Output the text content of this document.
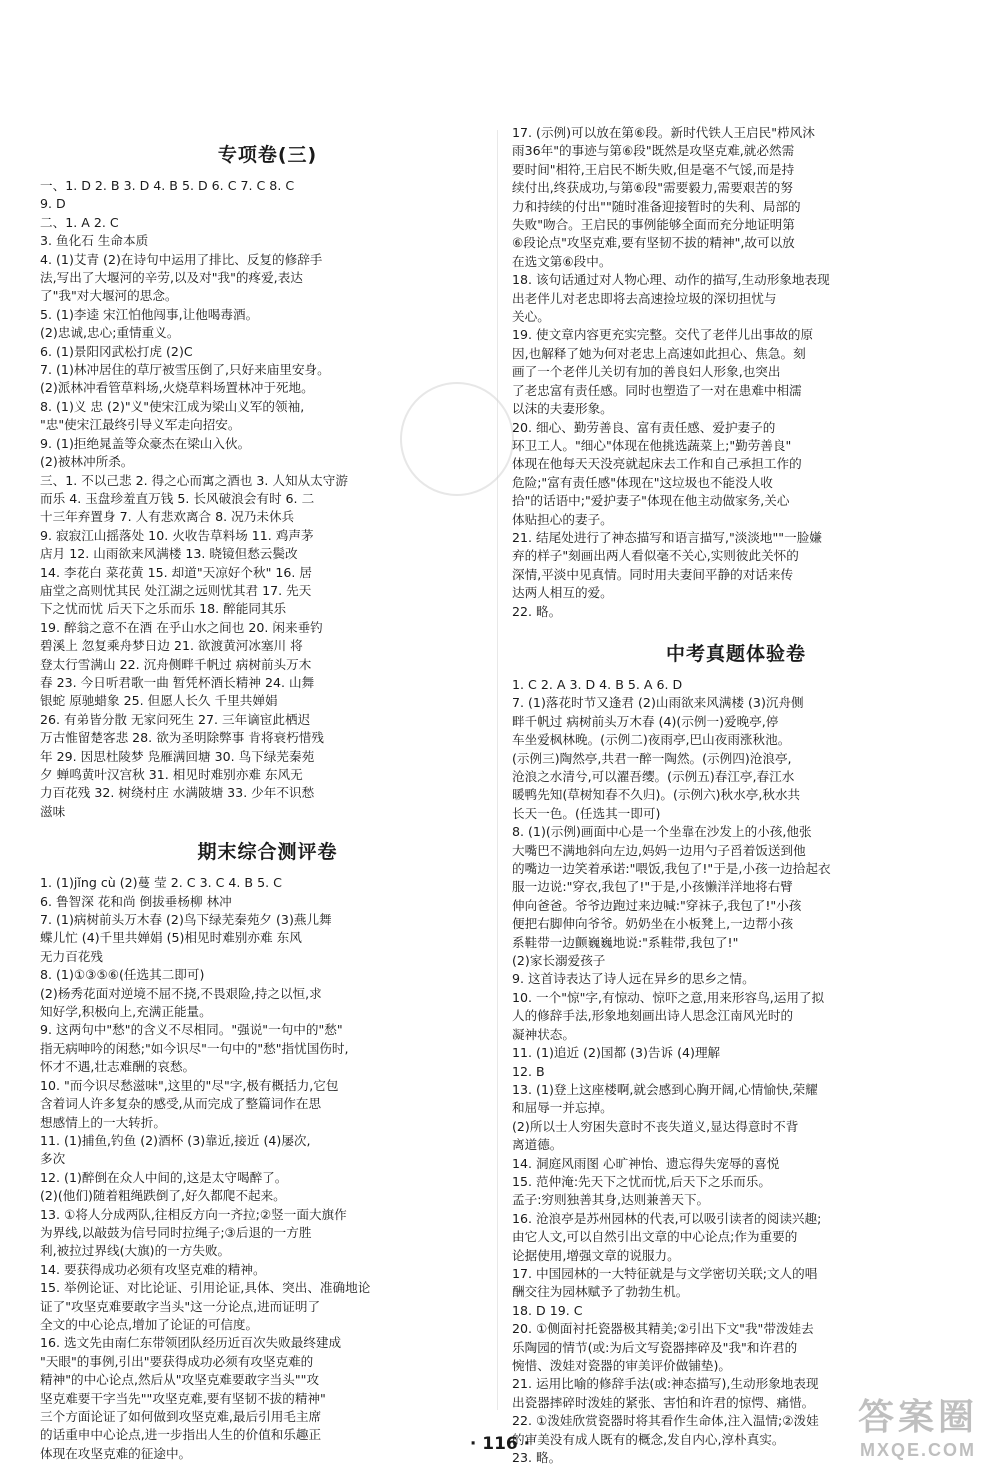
专项卷(三)
一、1. D 2. B 3. D 4. B 5. D 6. C 7. C 8. C
9. D
二、1. A 2. C
3. 鱼化石 生命本质
4. (1)艾青 (2)在诗句中运用了排比、反复的修辞手
法,写出了大堰河的辛劳,以及对"我"的疼爱,表达
了"我"对大堰河的思念。
5. (1)李逵 宋江怕他闯事,让他喝毒酒。
(2)忠诚,忠心;重情重义。
6. (1)景阳冈武松打虎 (2)C
7. (1)林冲居住的草厅被雪压倒了,只好来庙里安身。
(2)派林冲看管草料场,火烧草料场置林冲于死地。
8. (1)义 忠 (2)"义"使宋江成为梁山义军的领袖,
"忠"使宋江最终引导义军走向招安。
9. (1)拒绝晁盖等众豪杰在梁山入伙。
(2)被林冲所杀。
三、1. 不以己悲 2. 得之心而寓之酒也 3. 人知从太守游
而乐 4. 玉盘珍羞直万钱 5. 长风破浪会有时 6. 二
十三年弃置身 7. 人有悲欢离合 8. 况乃未休兵
9. 寂寂江山摇落处 10. 火收告草料场 11. 鸡声茅
店月 12. 山雨欲来风满楼 13. 晓镜但愁云鬓改
14. 李花白 菜花黄 15. 却道"天凉好个秋" 16. 居
庙堂之高则忧其民 处江湖之远则忧其君 17. 先天
下之忧而忧 后天下之乐而乐 18. 醉能同其乐
19. 醉翁之意不在酒 在乎山水之间也 20. 闲来垂钓
碧溪上 忽复乘舟梦日边 21. 欲渡黄河冰塞川 将
登太行雪满山 22. 沉舟侧畔千帆过 病树前头万木
春 23. 今日听君歌一曲 暂凭杯酒长精神 24. 山舞
银蛇 原驰蜡象 25. 但愿人长久 千里共婵娟
26. 有弟皆分散 无家问死生 27. 三年谪宦此栖迟
万古惟留楚客悲 28. 欲为圣明除弊事 肯将衰朽惜残
年 29. 因思杜陵梦 凫雁满回塘 30. 鸟下绿芜秦苑
夕 蝉鸣黄叶汉宫秋 31. 相见时难别亦难 东风无
力百花残 32. 树绕村庄 水满陂塘 33. 少年不识愁
滋味
期末综合测评卷
1. (1)jǐng cù (2)蔓 莹 2. C 3. C 4. B 5. C
6. 鲁智深 花和尚 倒拔垂杨柳 林冲
7. (1)病树前头万木春 (2)鸟下绿芜秦苑夕 (3)燕儿舞
蝶儿忙 (4)千里共婵娟 (5)相见时难别亦难 东风
无力百花残
8. (1)①③⑤⑥(任选其二即可)
(2)杨秀花面对逆境不屈不挠,不畏艰险,持之以恒,求
知好学,积极向上,充满正能量。
9. 这两句中"愁"的含义不尽相同。"强说"一句中的"愁"
指无病呻吟的闲愁;"如今识尽"一句中的"愁"指忧国伤时,
怀才不遇,壮志难酬的哀愁。
10. "而今识尽愁滋味",这里的"尽"字,极有概括力,它包
含着词人许多复杂的感受,从而完成了整篇词作在思
想感情上的一大转折。
11. (1)捕鱼,钓鱼 (2)酒杯 (3)靠近,接近 (4)屡次,
多次
12. (1)醉倒在众人中间的,这是太守喝醉了。
(2)(他们)随着粗绳跌倒了,好久都爬不起来。
13. ①将人分成两队,往相反方向一齐拉;②竖一面大旗作
为界线,以敲鼓为信号同时拉绳子;③后退的一方胜
利,被拉过界线(大旗)的一方失败。
14. 要获得成功必须有攻坚克难的精神。
15. 举例论证、对比论证、引用论证,具体、突出、准确地论
证了"攻坚克难要敢字当头"这一分论点,进而证明了
全文的中心论点,增加了论证的可信度。
16. 选文先由南仁东带领团队经历近百次失败最终建成
"天眼"的事例,引出"要获得成功必须有攻坚克难的
精神"的中心论点,然后从"攻坚克难要敢字当头""攻
坚克难要干字当先""攻坚克难,要有坚韧不拔的精神"
三个方面论证了如何做到攻坚克难,最后引用毛主席
的话重申中心论点,进一步指出人生的价值和乐趣正
体现在攻坚克难的征途中。
17. (示例)可以放在第⑥段。新时代铁人王启民"栉风沐
雨36年"的事迹与第⑥段"既然是攻坚克难,就必然需
要时间"相符,王启民不断失败,但是毫不气馁,而是持
续付出,终获成功,与第⑥段"需要毅力,需要艰苦的努
力和持续的付出""随时准备迎接暂时的失利、局部的
失败"吻合。王启民的事例能够全面而充分地证明第
⑥段论点"攻坚克难,要有坚韧不拔的精神",故可以放
在选文第⑥段中。
18. 该句话通过对人物心理、动作的描写,生动形象地表现
出老伴儿对老忠即将去高速捡垃圾的深切担忧与
关心。
19. 使文章内容更充实完整。交代了老伴儿出事故的原
因,也解释了她为何对老忠上高速如此担心、焦急。刻
画了一个老伴儿关切有加的善良妇人形象,也突出
了老忠富有责任感。同时也塑造了一对在患难中相濡
以沫的夫妻形象。
20. 细心、勤劳善良、富有责任感、爱护妻子的
环卫工人。"细心"体现在他挑选蔬菜上;"勤劳善良"
体现在他每天天没亮就起床去工作和自己承担工作的
危险;"富有责任感"体现在"这垃圾也不能没人收
拾"的话语中;"爱护妻子"体现在他主动做家务,关心
体贴担心的妻子。
21. 结尾处进行了神态描写和语言描写,"淡淡地""一脸嫌
弃的样子"刻画出两人看似毫不关心,实则彼此关怀的
深情,平淡中见真情。同时用夫妻间平静的对话来传
达两人相互的爱。
22. 略。
中考真题体验卷
1. C 2. A 3. D 4. B 5. A 6. D
7. (1)落花时节又逢君 (2)山雨欲来风满楼 (3)沉舟侧
畔千帆过 病树前头万木春 (4)(示例一)爱晚亭,停
车坐爱枫林晚。(示例二)夜雨亭,巴山夜雨涨秋池。
(示例三)陶然亭,共君一醉一陶然。(示例四)沧浪亭,
沧浪之水清兮,可以濯吾缨。(示例五)春江亭,春江水
暖鸭先知(草树知春不久归)。(示例六)秋水亭,秋水共
长天一色。(任选其一即可)
8. (1)(示例)画面中心是一个坐靠在沙发上的小孩,他张
大嘴巴不满地斜向左边,妈妈一边用勺子舀着饭送到他
的嘴边一边笑着承诺:"喂饭,我包了!"于是,小孩一边拾起衣
服一边说:"穿衣,我包了!"于是,小孩懒洋洋地将右臂
伸向爸爸。爷爷边跑过来边喊:"穿袜子,我包了!"小孩
便把右脚伸向爷爷。奶奶坐在小板凳上,一边帮小孩
系鞋带一边颤巍巍地说:"系鞋带,我包了!"
(2)家长溺爱孩子
9. 这首诗表达了诗人远在异乡的思乡之情。
10. 一个"惊"字,有惊动、惊吓之意,用来形容鸟,运用了拟
人的修辞手法,形象地刻画出诗人思念江南风光时的
凝神状态。
11. (1)追近 (2)国都 (3)告诉 (4)理解
12. B
13. (1)登上这座楼啊,就会感到心胸开阔,心情愉快,荣耀
和屈辱一并忘掉。
(2)所以士人穷困失意时不丧失道义,显达得意时不背
离道德。
14. 洞庭风雨图 心旷神怡、遗忘得失宠辱的喜悦
15. 范仲淹:先天下之忧而忧,后天下之乐而乐。
孟子:穷则独善其身,达则兼善天下。
16. 沧浪亭是苏州园林的代表,可以吸引读者的阅读兴趣;
由它人文,可以自然引出文章的中心论点;作为重要的
论据使用,增强文章的说服力。
17. 中国园林的一大特征就是与文学密切关联;文人的唱
酬交往为园林赋予了勃勃生机。
18. D 19. C
20. ①侧面衬托瓷器极其精美;②引出下文"我"带泼娃去
乐陶园的情节(或:为后文写瓷器摔碎及"我"和许君的
惋惜、泼娃对瓷器的审美评价做铺垫)。
21. 运用比喻的修辞手法(或:神态描写),生动形象地表现
出瓷器摔碎时泼娃的紧张、害怕和许君的惊愕、痛惜。
22. ①泼娃欣赏瓷器时将其看作生命体,注入温情;②泼娃
的审美没有成人既有的概念,发自内心,淳朴真实。
23. 略。
· 116 ·
答案圈
MXQE.COM
